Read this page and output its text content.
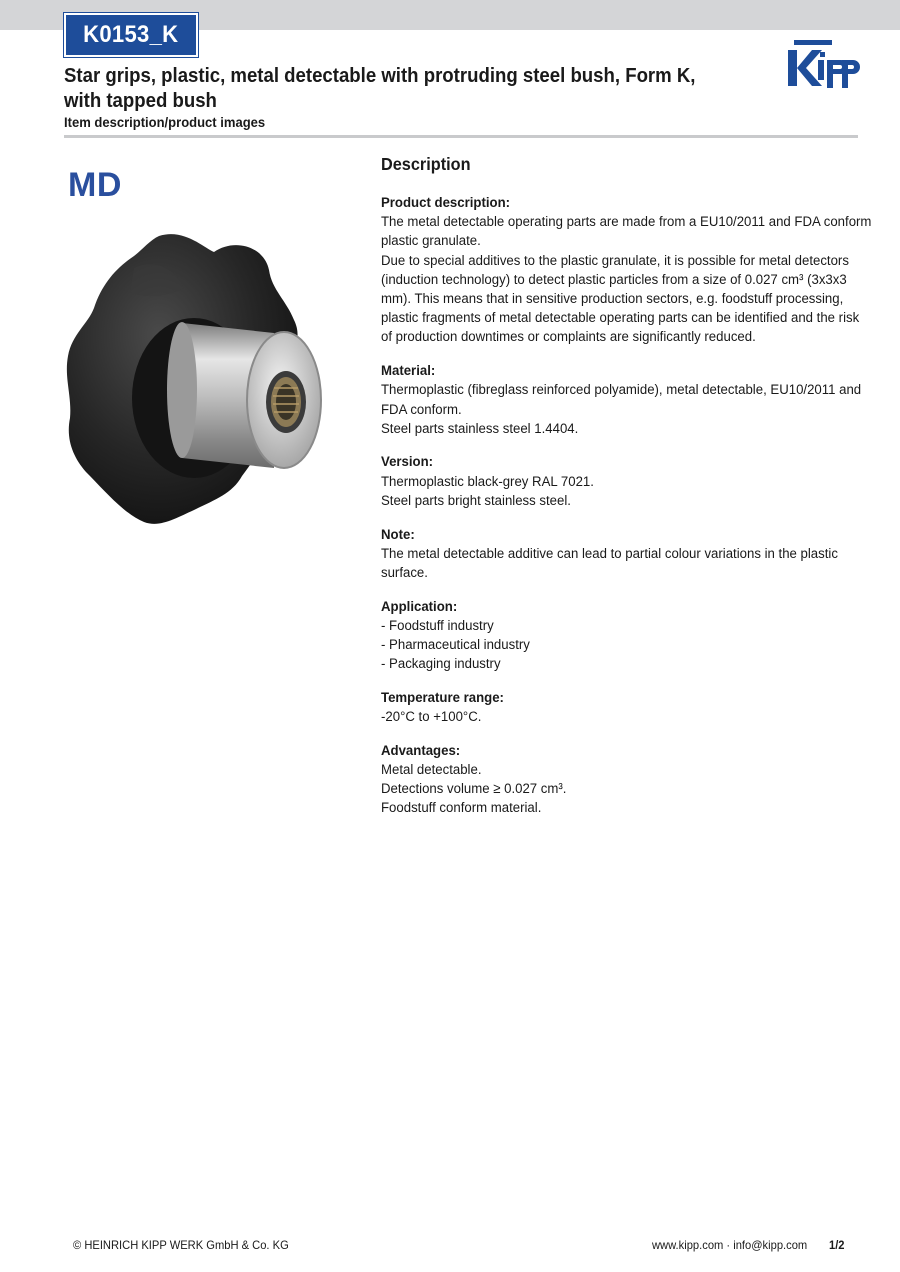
K0153_K
Star grips, plastic, metal detectable with protruding steel bush, Form K,
with tapped bush
Item description/product images
MD
Description
Product description:
The metal detectable operating parts are made from a EU10/2011 and FDA conform
plastic granulate.
Due to special additives to the plastic granulate, it is possible for metal detectors
(induction technology) to detect plastic particles from a size of 0.027 cm³ (3x3x3
mm). This means that in sensitive production sectors, e.g. foodstuff processing,
plastic fragments of metal detectable operating parts can be identified and the risk
of production downtimes or complaints are significantly reduced.
Material:
Thermoplastic (fibreglass reinforced polyamide), metal detectable, EU10/2011 and
FDA conform.
Steel parts stainless steel 1.4404.
Version:
Thermoplastic black-grey RAL 7021.
Steel parts bright stainless steel.
Note:
The metal detectable additive can lead to partial colour variations in the plastic
surface.
Application:
- Foodstuff industry
- Pharmaceutical industry
- Packaging industry
Temperature range:
-20°C to +100°C.
Advantages:
Metal detectable.
Detections volume ≥ 0.027 cm³.
Foodstuff conform material.
© HEINRICH KIPP WERK GmbH & Co. KG	www.kipp.com · info@kipp.com	1/2
